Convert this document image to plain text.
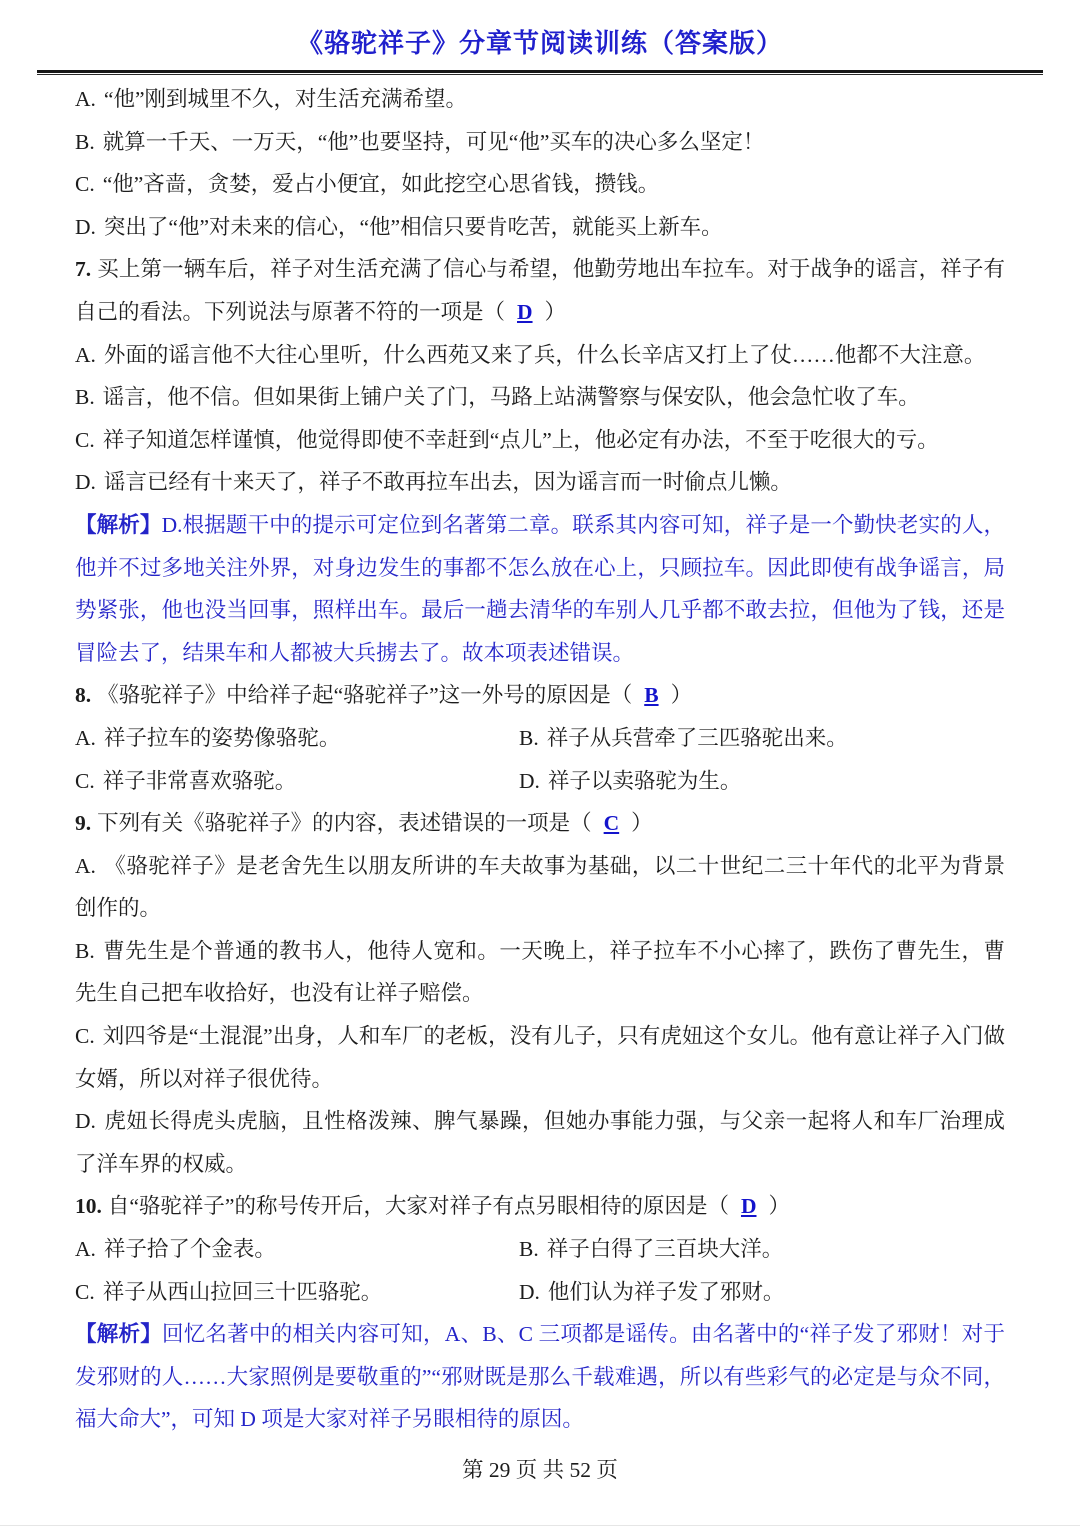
《骆驼祥子》分章节阅读训练（答案版）

A. “他”刚到城里不久，对生活充满希望。

B. 就算一千天、一万天，“他”也要坚持，可见“他”买车的决心多么坚定！

C. “他”吝啬，贪婪，爱占小便宜，如此挖空心思省钱，攒钱。

D. 突出了“他”对未来的信心，“他”相信只要肯吃苦，就能买上新车。

7. 买上第一辆车后，祥子对生活充满了信心与希望，他勤劳地出车拉车。对于战争的谣言，祥子有自己的看法。下列说法与原著不符的一项是（ D ）

A. 外面的谣言他不大往心里听，什么西苑又来了兵，什么长辛店又打上了仗……他都不大注意。

B. 谣言，他不信。但如果街上铺户关了门，马路上站满警察与保安队，他会急忙收了车。

C. 祥子知道怎样谨慎，他觉得即使不幸赶到“点儿”上，他必定有办法，不至于吃很大的亏。

D. 谣言已经有十来天了，祥子不敢再拉车出去，因为谣言而一时偷点儿懒。

【解析】D.根据题干中的提示可定位到名著第二章。联系其内容可知，祥子是一个勤快老实的人，他并不过多地关注外界，对身边发生的事都不怎么放在心上，只顾拉车。因此即使有战争谣言，局势紧张，他也没当回事，照样出车。最后一趟去清华的车别人几乎都不敢去拉，但他为了钱，还是冒险去了，结果车和人都被大兵掳去了。故本项表述错误。

8. 《骆驼祥子》中给祥子起“骆驼祥子”这一外号的原因是（ B ）

A. 祥子拉车的姿势像骆驼。	B. 祥子从兵营牵了三匹骆驼出来。

C. 祥子非常喜欢骆驼。	D. 祥子以卖骆驼为生。

9. 下列有关《骆驼祥子》的内容，表述错误的一项是（ C ）

A. 《骆驼祥子》是老舍先生以朋友所讲的车夫故事为基础，以二十世纪二三十年代的北平为背景创作的。

B. 曹先生是个普通的教书人，他待人宽和。一天晚上，祥子拉车不小心摔了，跌伤了曹先生，曹先生自己把车收拾好，也没有让祥子赔偿。

C. 刘四爷是“土混混”出身，人和车厂的老板，没有儿子，只有虎妞这个女儿。他有意让祥子入门做女婿，所以对祥子很优待。

D. 虎妞长得虎头虎脑，且性格泼辣、脾气暴躁，但她办事能力强，与父亲一起将人和车厂治理成了洋车界的权威。

10. 自“骆驼祥子”的称号传开后，大家对祥子有点另眼相待的原因是（ D ）

A. 祥子拾了个金表。	B. 祥子白得了三百块大洋。

C. 祥子从西山拉回三十匹骆驼。	D. 他们认为祥子发了邪财。

【解析】回忆名著中的相关内容可知，A、B、C 三项都是谣传。由名著中的“祥子发了邪财！对于发邪财的人……大家照例是要敬重的”“邪财既是那么千载难遇，所以有些彩气的必定是与众不同，福大命大”，可知 D 项是大家对祥子另眼相待的原因。

第 29 页 共 52 页
